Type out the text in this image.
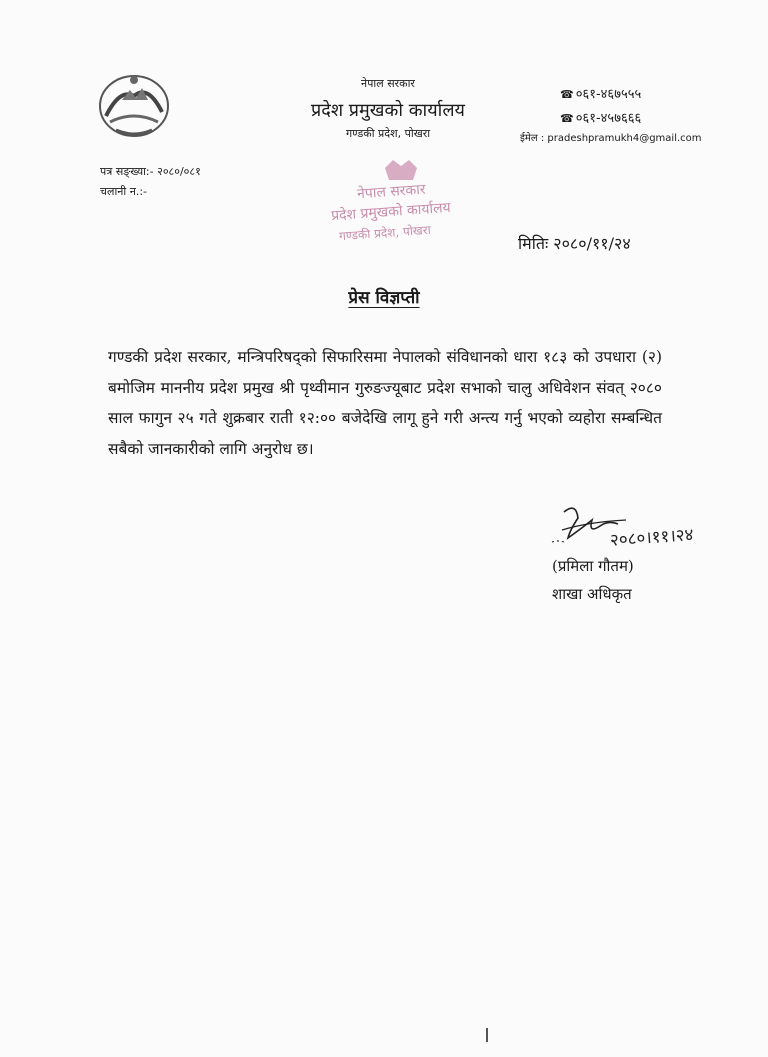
नेपाल सरकार
प्रदेश प्रमुखको कार्यालय
गण्डकी प्रदेश, पोखरा
☎ ०६१-४६७५५५
☎ ०६१-४५७६६६
ईमेल : pradeshpramukh4@gmail.com
पत्र सङ्ख्या:- २०८०/०८१
चलानी न.:-	नेपाल सरकार
प्रदेश प्रमुखको कार्यालय
गण्डकी प्रदेश, पोखरा
मितिः २०८०/११/२४
प्रेस विज्ञप्ती
गण्डकी प्रदेश सरकार, मन्त्रिपरिषद्को सिफारिसमा नेपालको संविधानको धारा १८३ को उपधारा (२) बमोजिम माननीय प्रदेश प्रमुख श्री पृथ्वीमान गुरुङज्यूबाट प्रदेश सभाको चालु अधिवेशन संवत् २०८० साल फागुन २५ गते शुक्रबार राती १२:०० बजेदेखि लागू हुने गरी अन्त्य गर्नु भएको व्यहोरा सम्बन्धित सबैको जानकारीको लागि अनुरोध छ।
२०८०।११।२४
(प्रमिला गौतम)
शाखा अधिकृत
